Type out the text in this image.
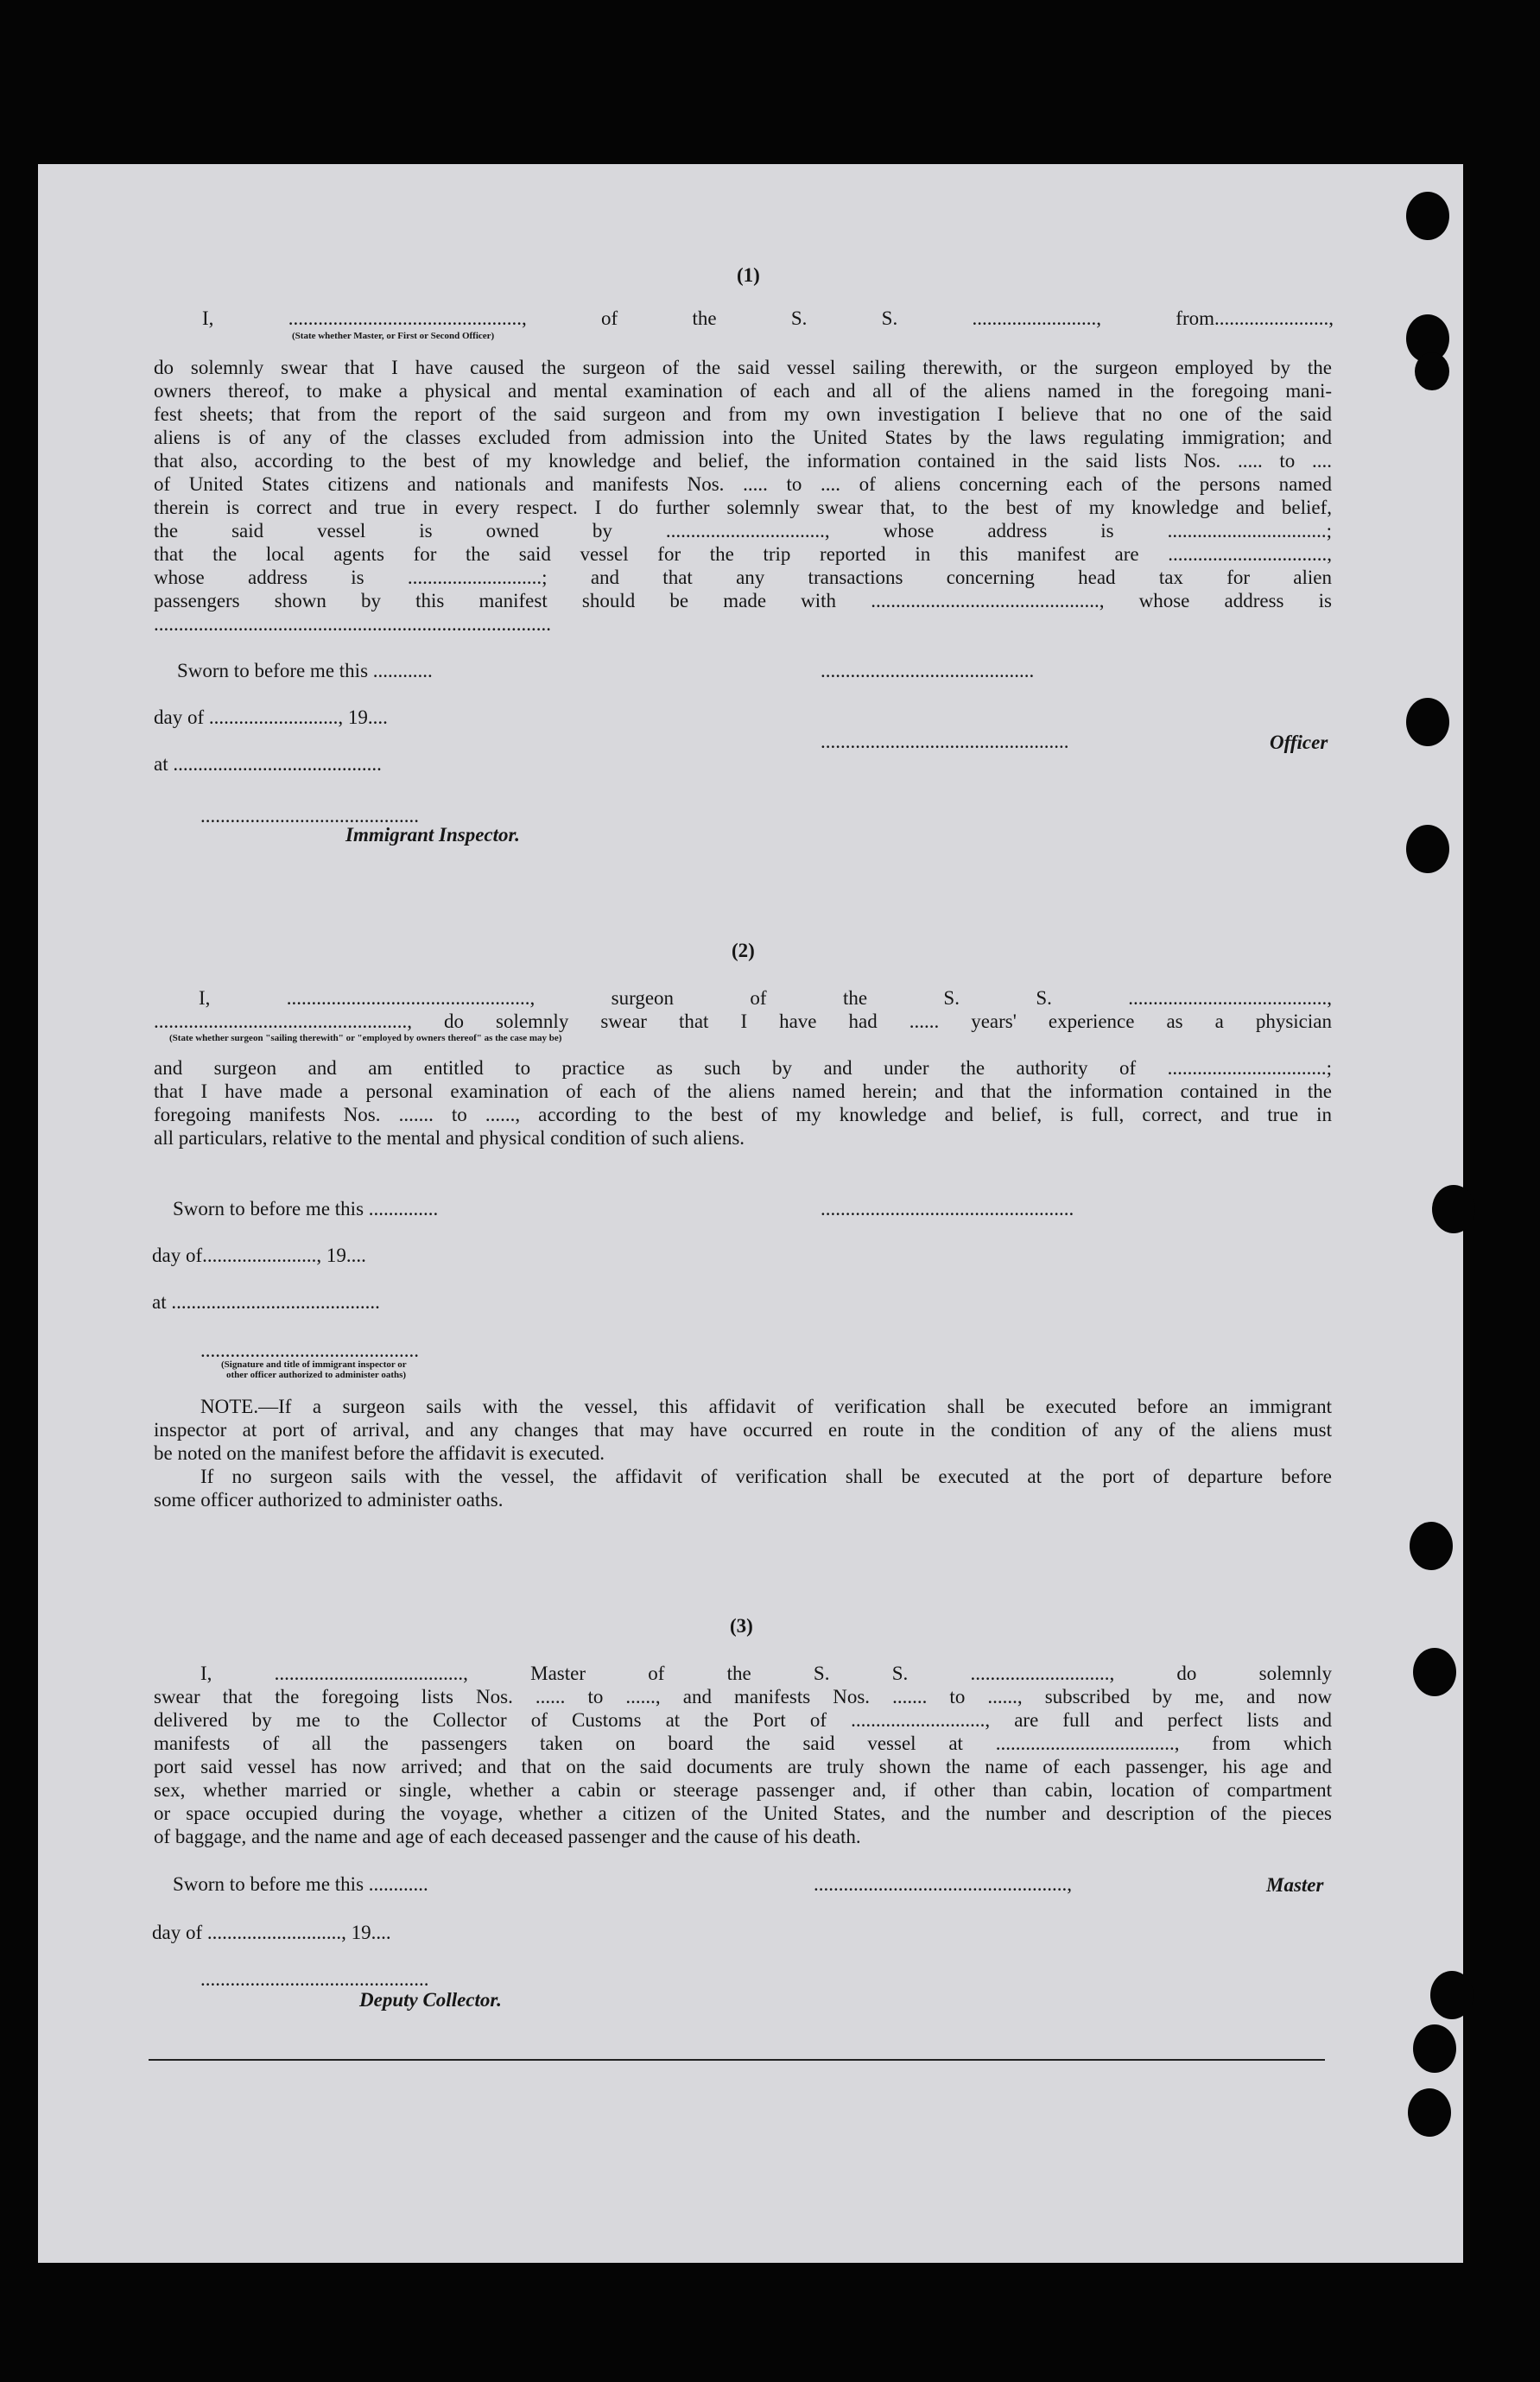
(1)
I, ..............................................., of the S. S. ........................., from.......................,
(State whether Master, or First or Second Officer)
do solemnly swear that I have caused the surgeon of the said vessel sailing therewith, or the surgeon employed by the
owners thereof, to make a physical and mental examination of each and all of the aliens named in the foregoing mani-
fest sheets; that from the report of the said surgeon and from my own investigation I believe that no one of the said
aliens is of any of the classes excluded from admission into the United States by the laws regulating immigration; and
that also, according to the best of my knowledge and belief, the information contained in the said lists Nos. ..... to ....
of United States citizens and nationals and manifests Nos. ..... to .... of aliens concerning each of the persons named
therein is correct and true in every respect. I do further solemnly swear that, to the best of my knowledge and belief,
the said vessel is owned by ................................, whose address is ................................;
that the local agents for the said vessel for the trip reported in this manifest are ................................,
whose address is ...........................; and that any transactions concerning head tax for alien
passengers shown by this manifest should be made with .............................................., whose address is
................................................................................
Sworn to before me this ............	...........................................
day of .........................., 19....
..................................................	Officer
at ..........................................
............................................
Immigrant Inspector.
(2)
I, ................................................., surgeon of the S. S. ........................................,
..................................................., do solemnly swear that I have had ...... years' experience as a physician
(State whether surgeon "sailing therewith" or "employed by owners thereof" as the case may be)
and surgeon and am entitled to practice as such by and under the authority of ................................;
that I have made a personal examination of each of the aliens named herein; and that the information contained in the
foregoing manifests Nos. ....... to ......, according to the best of my knowledge and belief, is full, correct, and true in
all particulars, relative to the mental and physical condition of such aliens.
Sworn to before me this ..............	...................................................
day of......................., 19....
at ..........................................
............................................
(Signature and title of immigrant inspector or
other officer authorized to administer oaths)
NOTE.—If a surgeon sails with the vessel, this affidavit of verification shall be executed before an immigrant
inspector at port of arrival, and any changes that may have occurred en route in the condition of any of the aliens must
be noted on the manifest before the affidavit is executed.
If no surgeon sails with the vessel, the affidavit of verification shall be executed at the port of departure before
some officer authorized to administer oaths.
(3)
I, ......................................, Master of the S. S. ............................, do solemnly
swear that the foregoing lists Nos. ...... to ......, and manifests Nos. ....... to ......, subscribed by me, and now
delivered by me to the Collector of Customs at the Port of ..........................., are full and perfect lists and
manifests of all the passengers taken on board the said vessel at ...................................., from which
port said vessel has now arrived; and that on the said documents are truly shown the name of each passenger, his age and
sex, whether married or single, whether a cabin or steerage passenger and, if other than cabin, location of compartment
or space occupied during the voyage, whether a citizen of the United States, and the number and description of the pieces
of baggage, and the name and age of each deceased passenger and the cause of his death.
Sworn to before me this ............	...................................................,	Master
day of ..........................., 19....
..............................................
Deputy Collector.
